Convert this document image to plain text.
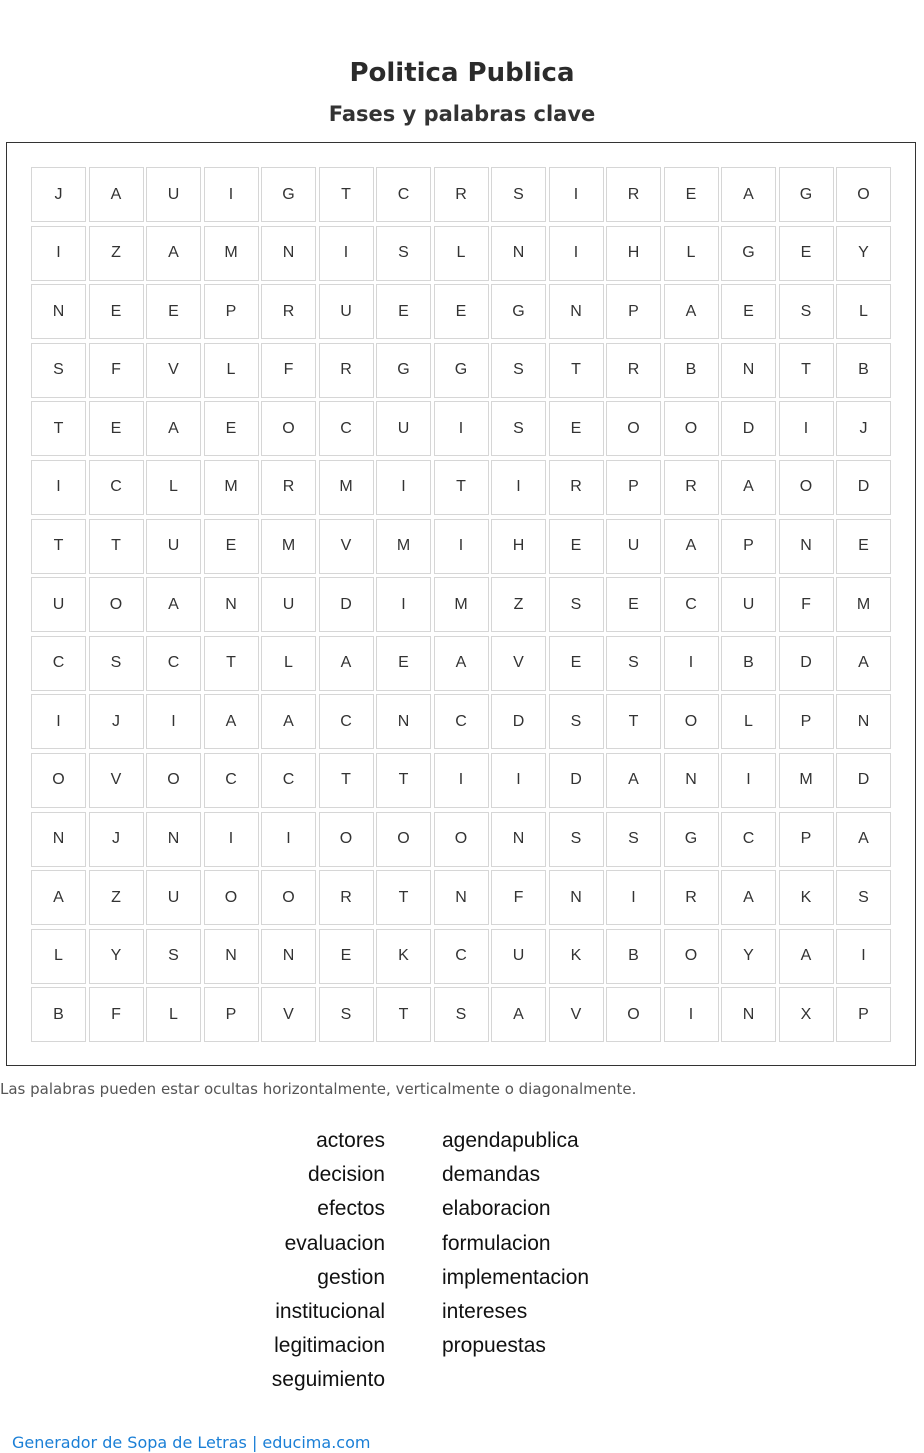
Politica Publica
Fases y palabras clave
J	A	U	I	G	T	C	R	S	I	R	E	A	G	O
I	Z	A	M	N	I	S	L	N	I	H	L	G	E	Y
N	E	E	P	R	U	E	E	G	N	P	A	E	S	L
S	F	V	L	F	R	G	G	S	T	R	B	N	T	B
T	E	A	E	O	C	U	I	S	E	O	O	D	I	J
I	C	L	M	R	M	I	T	I	R	P	R	A	O	D
T	T	U	E	M	V	M	I	H	E	U	A	P	N	E
U	O	A	N	U	D	I	M	Z	S	E	C	U	F	M
C	S	C	T	L	A	E	A	V	E	S	I	B	D	A
I	J	I	A	A	C	N	C	D	S	T	O	L	P	N
O	V	O	C	C	T	T	I	I	D	A	N	I	M	D
N	J	N	I	I	O	O	O	N	S	S	G	C	P	A
A	Z	U	O	O	R	T	N	F	N	I	R	A	K	S
L	Y	S	N	N	E	K	C	U	K	B	O	Y	A	I
B	F	L	P	V	S	T	S	A	V	O	I	N	X	P
Las palabras pueden estar ocultas horizontalmente, verticalmente o diagonalmente.
actores
decision
efectos
evaluacion
gestion
institucional
legitimacion
seguimiento
agendapublica
demandas
elaboracion
formulacion
implementacion
intereses
propuestas
Generador de Sopa de Letras | educima.com
